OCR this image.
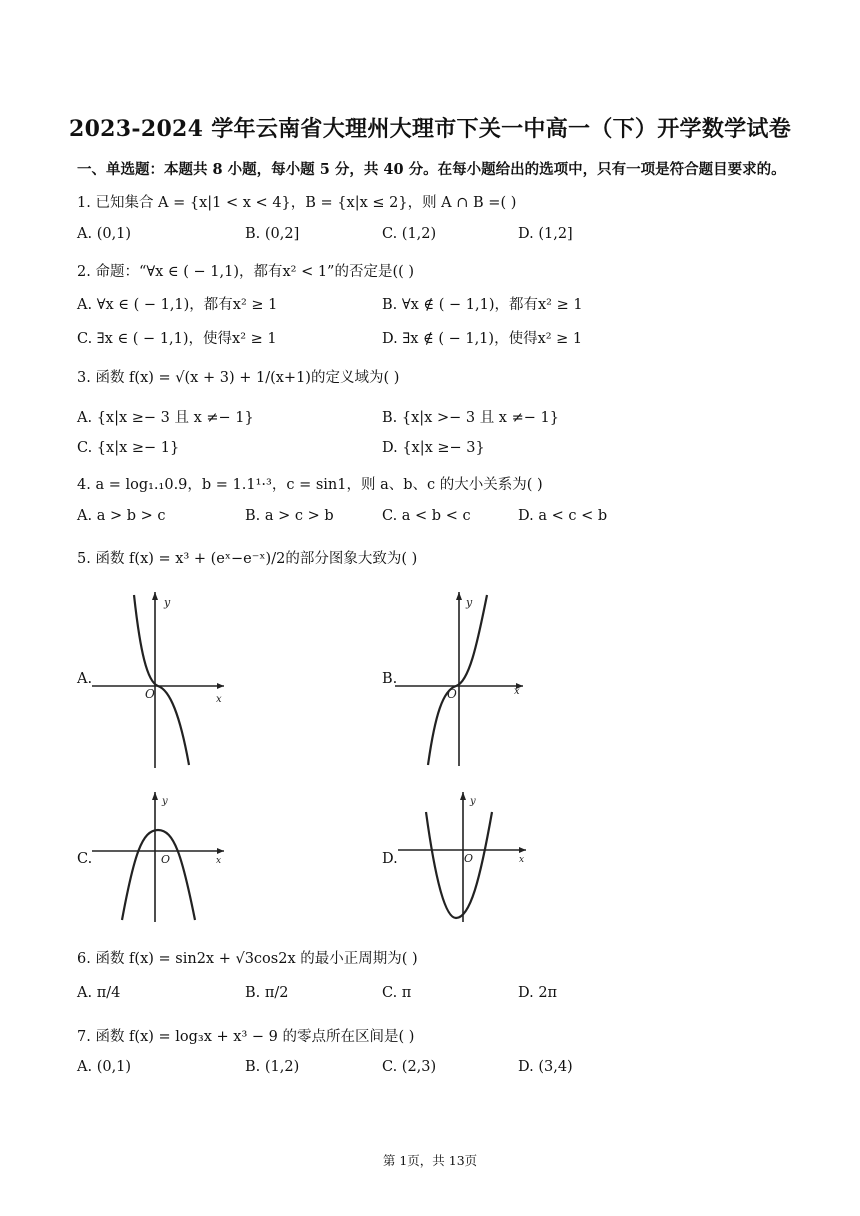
2023-2024 学年云南省大理州大理市下关一中高一（下）开学数学试卷
一、单选题：本题共 8 小题，每小题 5 分，共 40 分。在每小题给出的选项中，只有一项是符合题目要求的。
1. 已知集合 A = {x|1 < x < 4}，B = {x|x ≤ 2}，则 A ∩ B =( )
A. (0,1)	B. (0,2]	C. (1,2)	D. (1,2]
2. 命题：“∀x ∈ ( − 1,1)，都有x² < 1”的否定是(( )
A. ∀x ∈ ( − 1,1)，都有x² ≥ 1	B. ∀x ∉ ( − 1,1)，都有x² ≥ 1
C. ∃x ∈ ( − 1,1)，使得x² ≥ 1	D. ∃x ∉ ( − 1,1)，使得x² ≥ 1
3. 函数 f(x) = √(x + 3) + 1/(x+1)的定义域为( )
A. {x|x ≥− 3 且 x ≠− 1}	B. {x|x >− 3 且 x ≠− 1}
C. {x|x ≥− 1}	D. {x|x ≥− 3}
4. a = log₁.₁0.9，b = 1.1¹·³，c = sin1，则 a、b、c 的大小关系为( )
A. a > b > c	B. a > c > b	C. a < b < c	D. a < c < b
5. 函数 f(x) = x³ + (eˣ−e⁻ˣ)/2的部分图象大致为( )
A.
y
x
O
B.
y
x
O
C.
y
x
O	D.
y
x
O
6. 函数 f(x) = sin2x + √3cos2x 的最小正周期为( )
A. π/4	B. π/2	C. π	D. 2π
7. 函数 f(x) = log₃x + x³ − 9 的零点所在区间是( )
A. (0,1)	B. (1,2)	C. (2,3)	D. (3,4)
第 1页，共 13页
